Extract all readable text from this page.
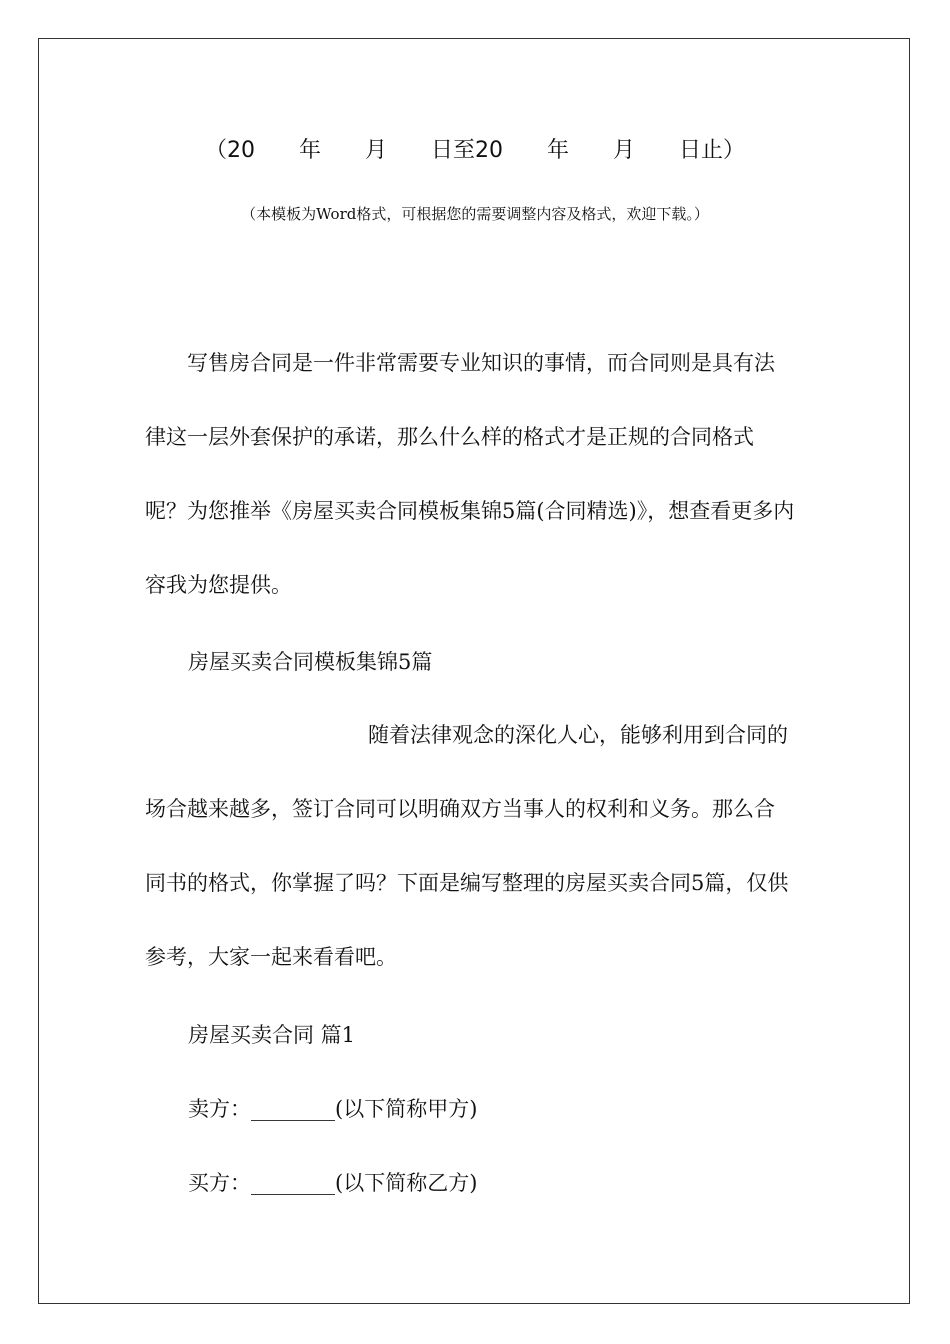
（20　　年　　月　　日至20　　年　　月　　日止）
（本模板为Word格式，可根据您的需要调整内容及格式，欢迎下载。）

写售房合同是一件非常需要专业知识的事情，而合同则是具有法律这一层外套保护的承诺，那么什么样的格式才是正规的合同格式呢？为您推举《房屋买卖合同模板集锦5篇(合同精选)》，想查看更多内容我为您提供。

房屋买卖合同模板集锦5篇

随着法律观念的深化人心，能够利用到合同的场合越来越多，签订合同可以明确双方当事人的权利和义务。那么合同书的格式，你掌握了吗？下面是编写整理的房屋买卖合同5篇，仅供参考，大家一起来看看吧。

房屋买卖合同 篇1
卖方：________(以下简称甲方)
买方：________(以下简称乙方)
